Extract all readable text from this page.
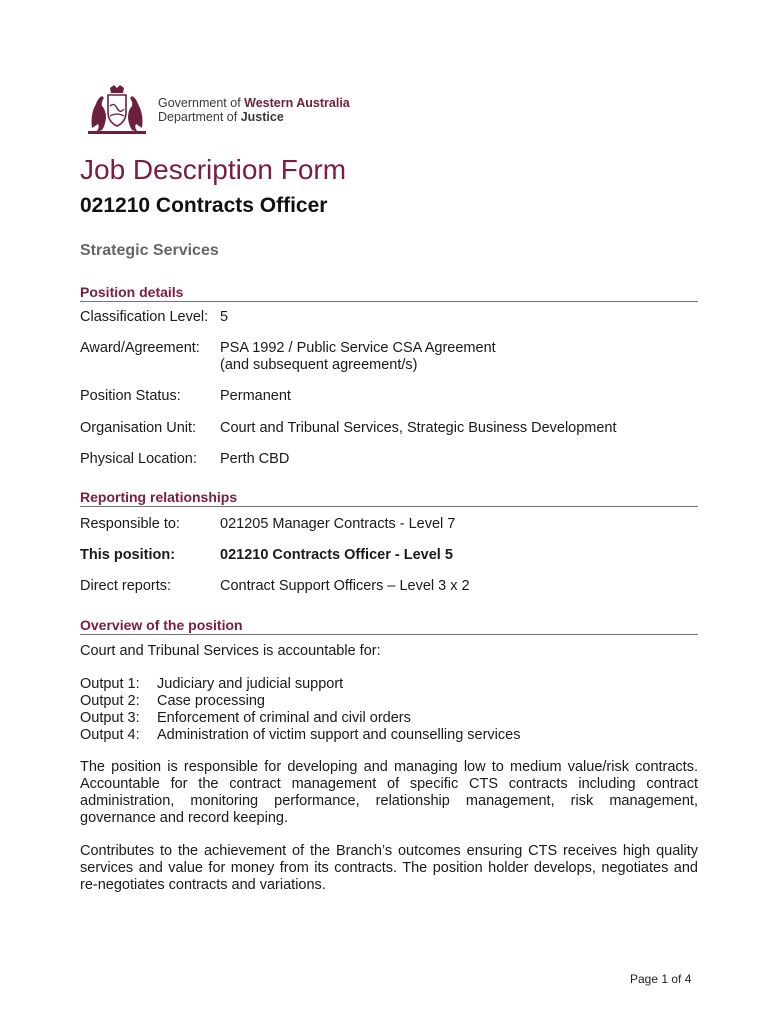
Government of Western Australia
Department of Justice
Job Description Form
021210 Contracts Officer
Strategic Services
Position details
Classification Level: 5
Award/Agreement: PSA 1992 / Public Service CSA Agreement
(and subsequent agreement/s)
Position Status:	Permanent
Organisation Unit: Court and Tribunal Services, Strategic Business Development
Physical Location: Perth CBD
Reporting relationships
Responsible to:	021205 Manager Contracts - Level 7
This position:	021210 Contracts Officer - Level 5
Direct reports:	Contract Support Officers – Level 3 x 2
Overview of the position
Court and Tribunal Services is accountable for:
Output 1:	Judiciary and judicial support
Output 2:	Case processing
Output 3:	Enforcement of criminal and civil orders
Output 4:	Administration of victim support and counselling services
The position is responsible for developing and managing low to medium value/risk contracts. Accountable for the contract management of specific CTS contracts including contract administration, monitoring performance, relationship management, risk management, governance and record keeping.
Contributes to the achievement of the Branch’s outcomes ensuring CTS receives high quality services and value for money from its contracts. The position holder develops, negotiates and re-negotiates contracts and variations.
Page 1 of 4
